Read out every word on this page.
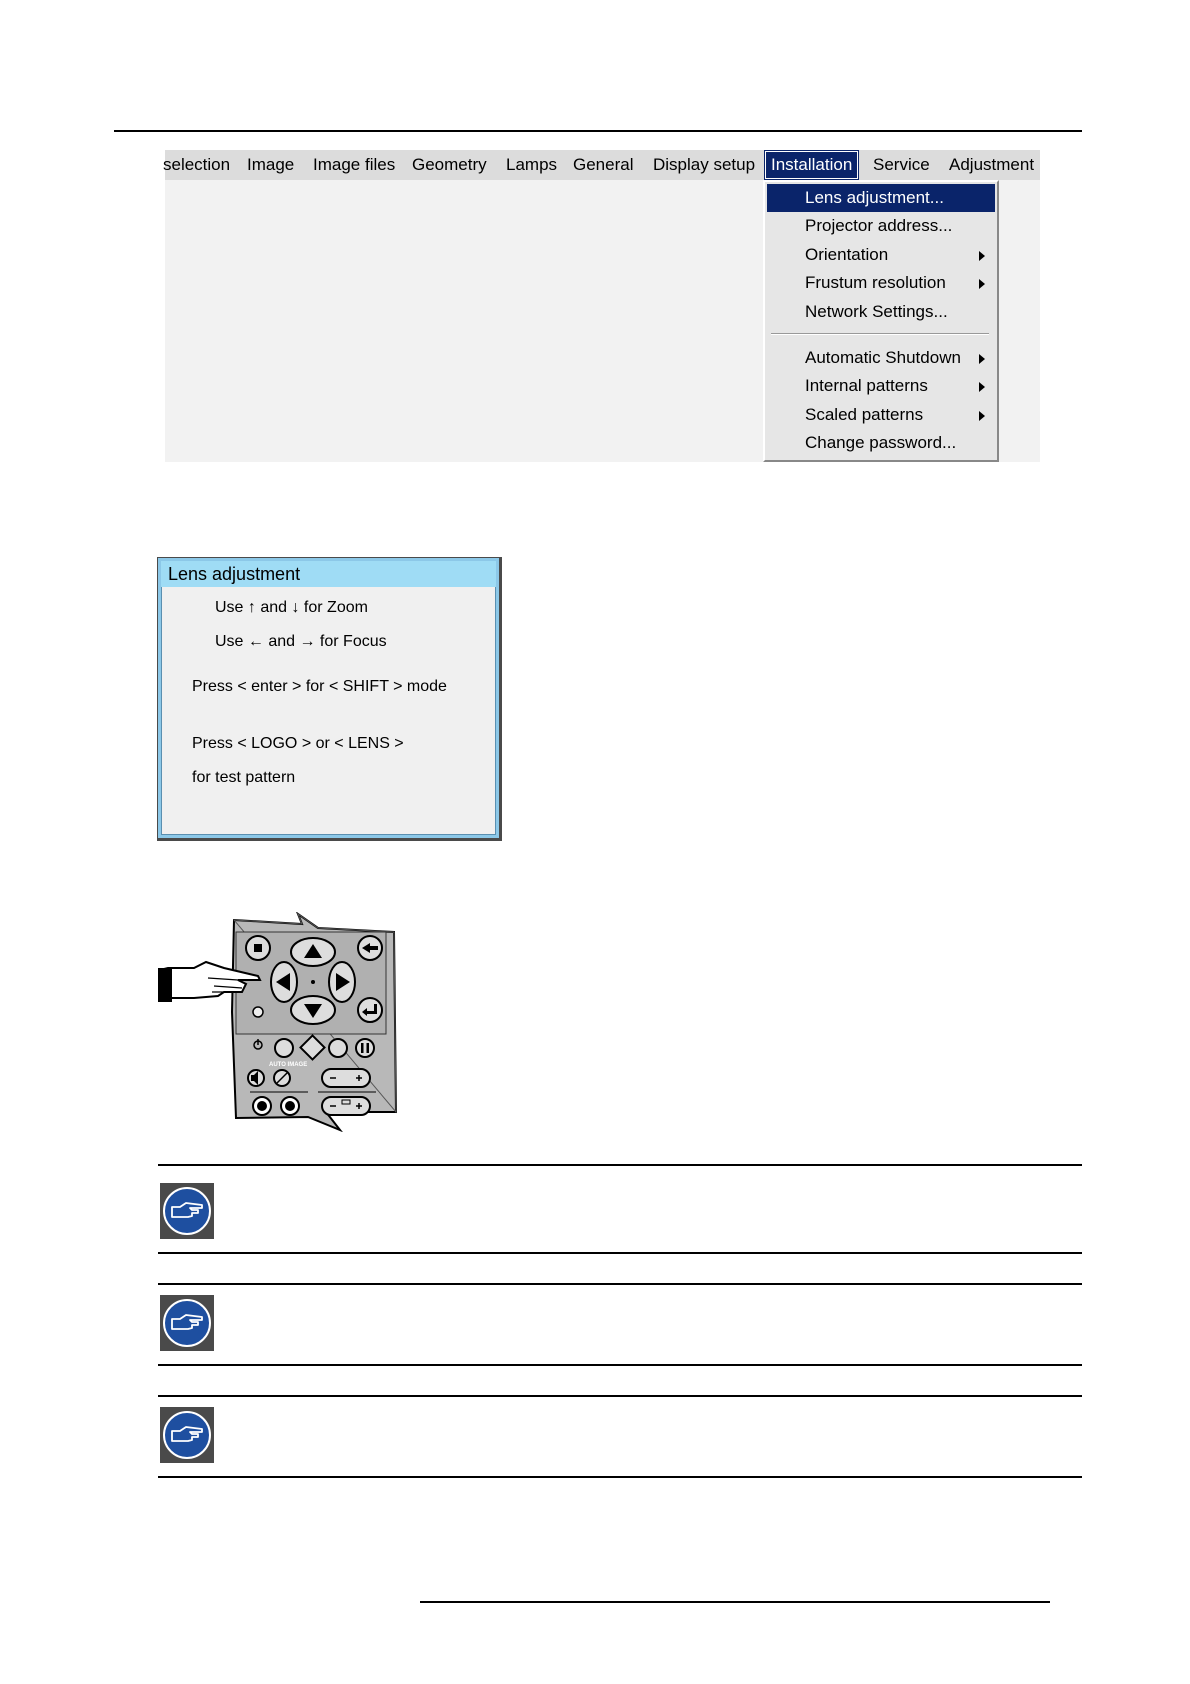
selection Image Image files Geometry Lamps General Display setup Installation	Service Adjustment
Lens adjustment...
Projector address...
Orientation
Frustum resolution
Network Settings...
Automatic Shutdown
Internal patterns
Scaled patterns
Change password...
Lens adjustment
Use ↑ and ↓ for Zoom
Use ← and → for Focus
Press < enter > for < SHIFT > mode
Press < LOGO > or < LENS >
for test pattern
AUTO IMAGE
